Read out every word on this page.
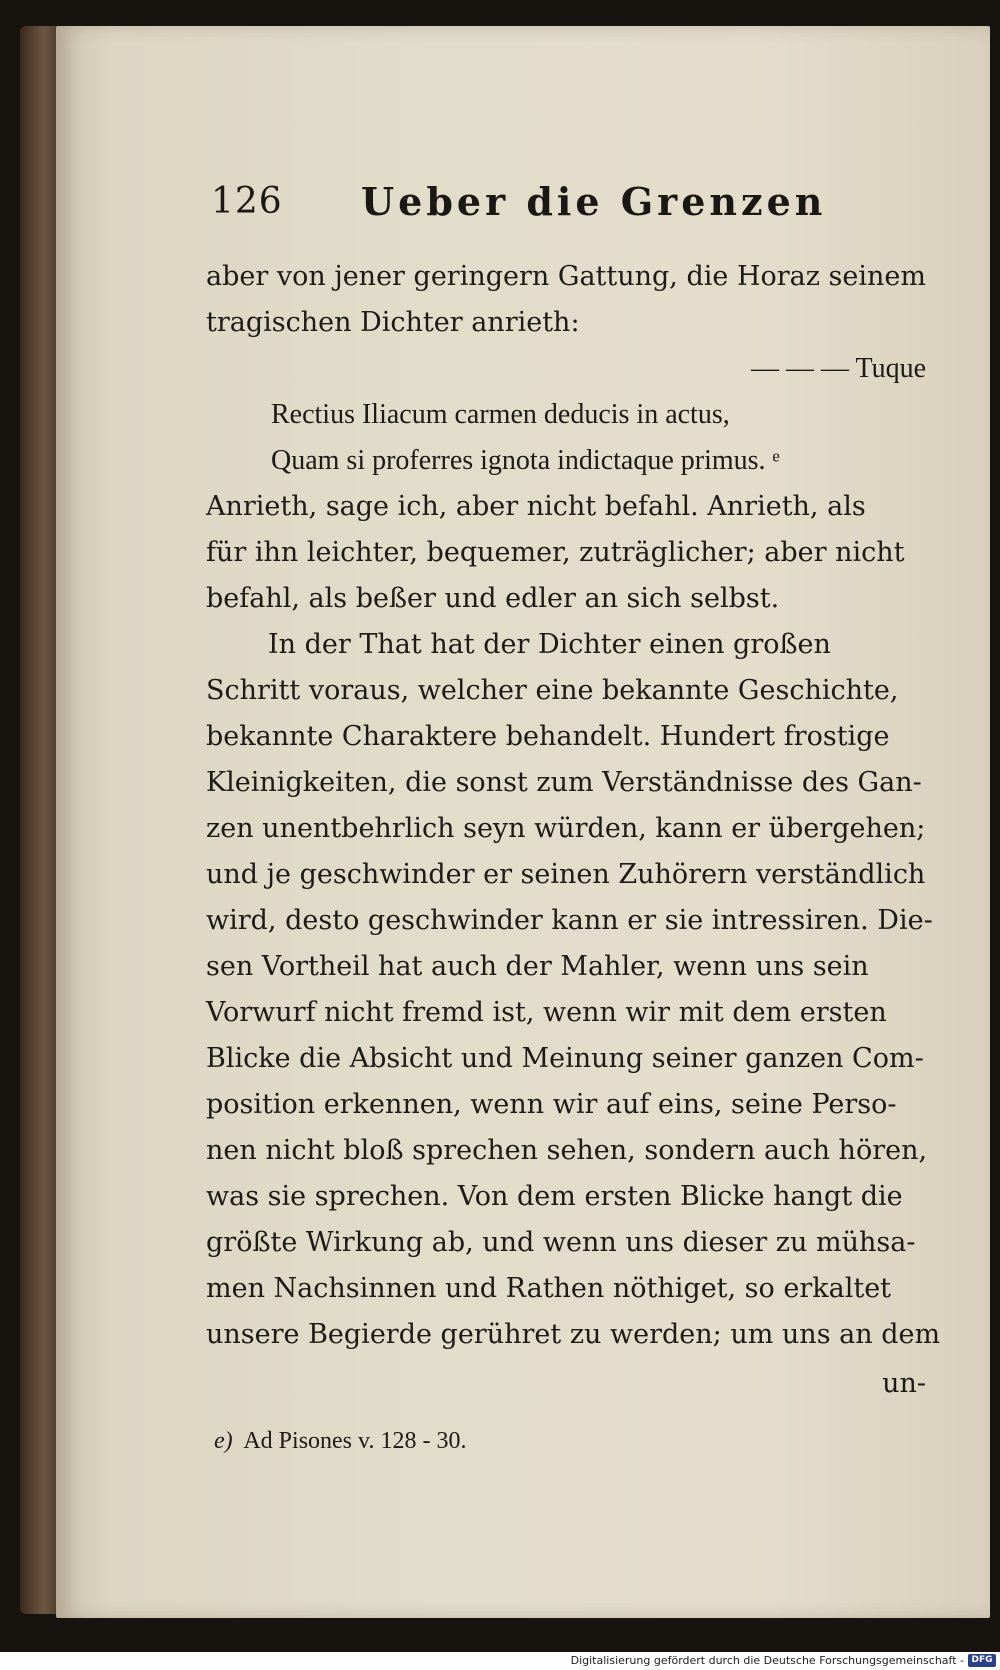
126 Ueber die Grenzen
aber von jener geringern Gattung, die Horaz seinem
tragischen Dichter anrieth:
— — — Tuque
Rectius Iliacum carmen deducis in actus,
Quam si proferres ignota indictaque primus. ᵉ
Anrieth, sage ich, aber nicht befahl. Anrieth, als
für ihn leichter, bequemer, zuträglicher; aber nicht
befahl, als beßer und edler an sich selbst.
In der That hat der Dichter einen großen
Schritt voraus, welcher eine bekannte Geschichte,
bekannte Charaktere behandelt. Hundert frostige
Kleinigkeiten, die sonst zum Verständnisse des Gan-
zen unentbehrlich seyn würden, kann er übergehen;
und je geschwinder er seinen Zuhörern verständlich
wird, desto geschwinder kann er sie intressiren. Die-
sen Vortheil hat auch der Mahler, wenn uns sein
Vorwurf nicht fremd ist, wenn wir mit dem ersten
Blicke die Absicht und Meinung seiner ganzen Com-
position erkennen, wenn wir auf eins, seine Perso-
nen nicht bloß sprechen sehen, sondern auch hören,
was sie sprechen. Von dem ersten Blicke hangt die
größte Wirkung ab, und wenn uns dieser zu mühsa-
men Nachsinnen und Rathen nöthiget, so erkaltet
unsere Begierde gerühret zu werden; um uns an dem
un-
e) Ad Pisones v. 128 - 30.
Digitalisierung gefördert durch die Deutsche Forschungsgemeinschaft - DFG
